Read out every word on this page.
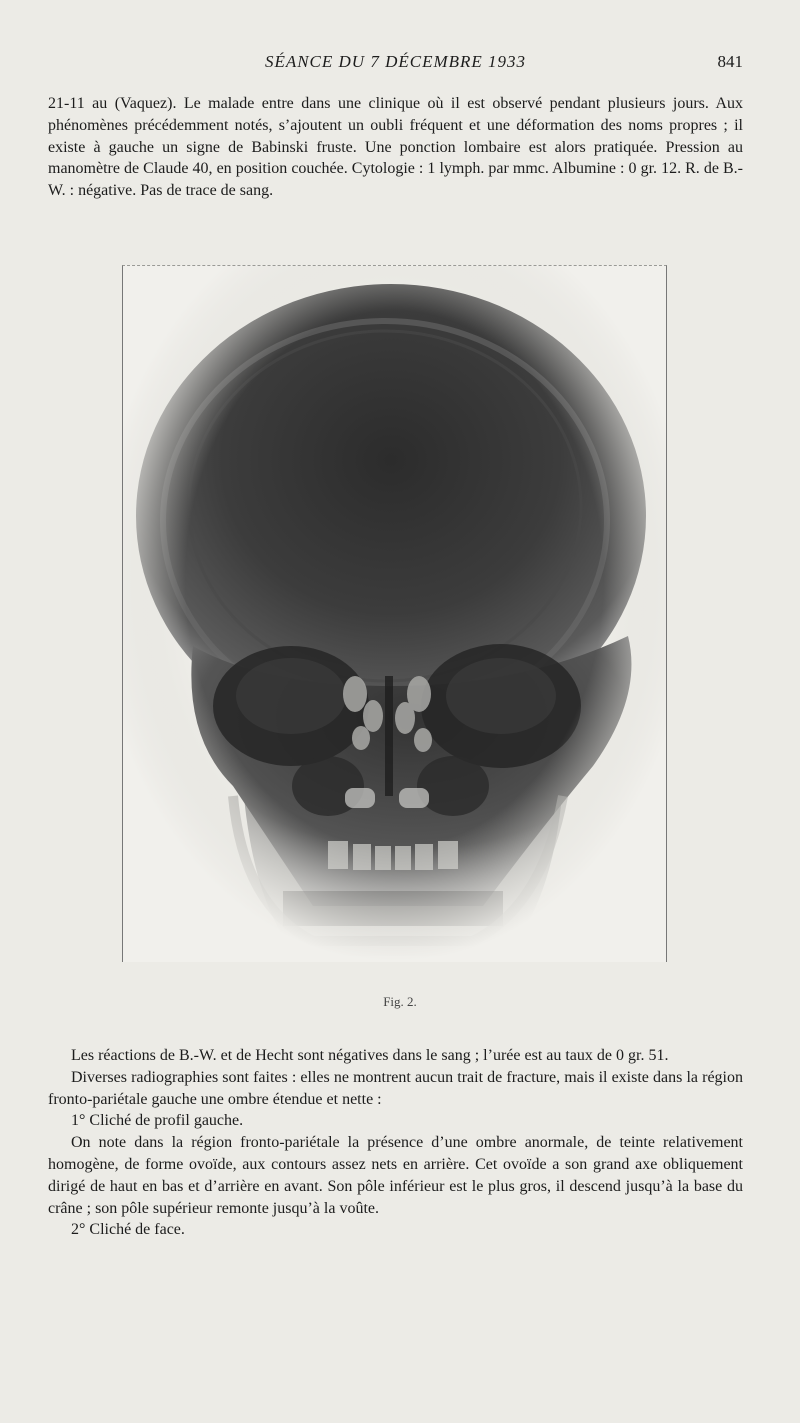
SÉANCE DU 7 DÉCEMBRE 1933	841

21-11 au (Vaquez). Le malade entre dans une clinique où il est observé pendant plusieurs jours. Aux phénomènes précédemment notés, s’ajoutent un oubli fréquent et une déformation des noms propres ; il existe à gauche un signe de Babinski fruste. Une ponction lombaire est alors pratiquée. Pression au manomètre de Claude 40, en position couchée. Cytologie : 1 lymph. par mmc. Albumine : 0 gr. 12. R. de B.-W. : négative. Pas de trace de sang.

Fig. 2.

Les réactions de B.-W. et de Hecht sont négatives dans le sang ; l’urée est au taux de 0 gr. 51.

Diverses radiographies sont faites : elles ne montrent aucun trait de fracture, mais il existe dans la région fronto-pariétale gauche une ombre étendue et nette :

1° Cliché de profil gauche.

On note dans la région fronto-pariétale la présence d’une ombre anormale, de teinte relativement homogène, de forme ovoïde, aux contours assez nets en arrière. Cet ovoïde a son grand axe obliquement dirigé de haut en bas et d’arrière en avant. Son pôle inférieur est le plus gros, il descend jusqu’à la base du crâne ; son pôle supérieur remonte jusqu’à la voûte.

2° Cliché de face.
